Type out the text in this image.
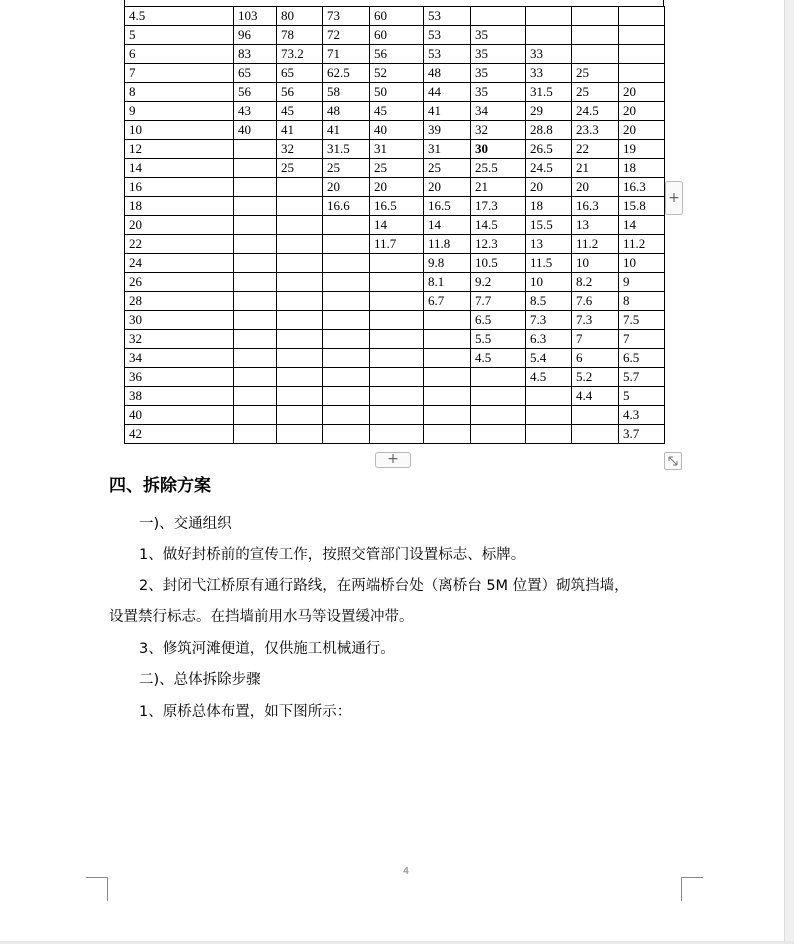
4.5	103	80	73	60	53				
5	96	78	72	60	53	35			
6	83	73.2	71	56	53	35	33		
7	65	65	62.5	52	48	35	33	25	
8	56	56	58	50	44	35	31.5	25	20
9	43	45	48	45	41	34	29	24.5	20
10	40	41	41	40	39	32	28.8	23.3	20
12		32	31.5	31	31	30	26.5	22	19
14		25	25	25	25	25.5	24.5	21	18
16			20	20	20	21	20	20	16.3
18			16.6	16.5	16.5	17.3	18	16.3	15.8
20				14	14	14.5	15.5	13	14
22				11.7	11.8	12.3	13	11.2	11.2
24					9.8	10.5	11.5	10	10
26					8.1	9.2	10	8.2	9
28					6.7	7.7	8.5	7.6	8
30						6.5	7.3	7.3	7.5
32						5.5	6.3	7	7
34						4.5	5.4	6	6.5
36							4.5	5.2	5.7
38								4.4	5
40									4.3
42									3.7
+
+
四、拆除方案

一)、交通组织

1、做好封桥前的宣传工作，按照交管部门设置标志、标牌。

2、封闭弋江桥原有通行路线，在两端桥台处（离桥台 5M 位置）砌筑挡墙，

设置禁行标志。在挡墙前用水马等设置缓冲带。

3、修筑河滩便道，仅供施工机械通行。

二)、总体拆除步骤

1、原桥总体布置，如下图所示：

4
